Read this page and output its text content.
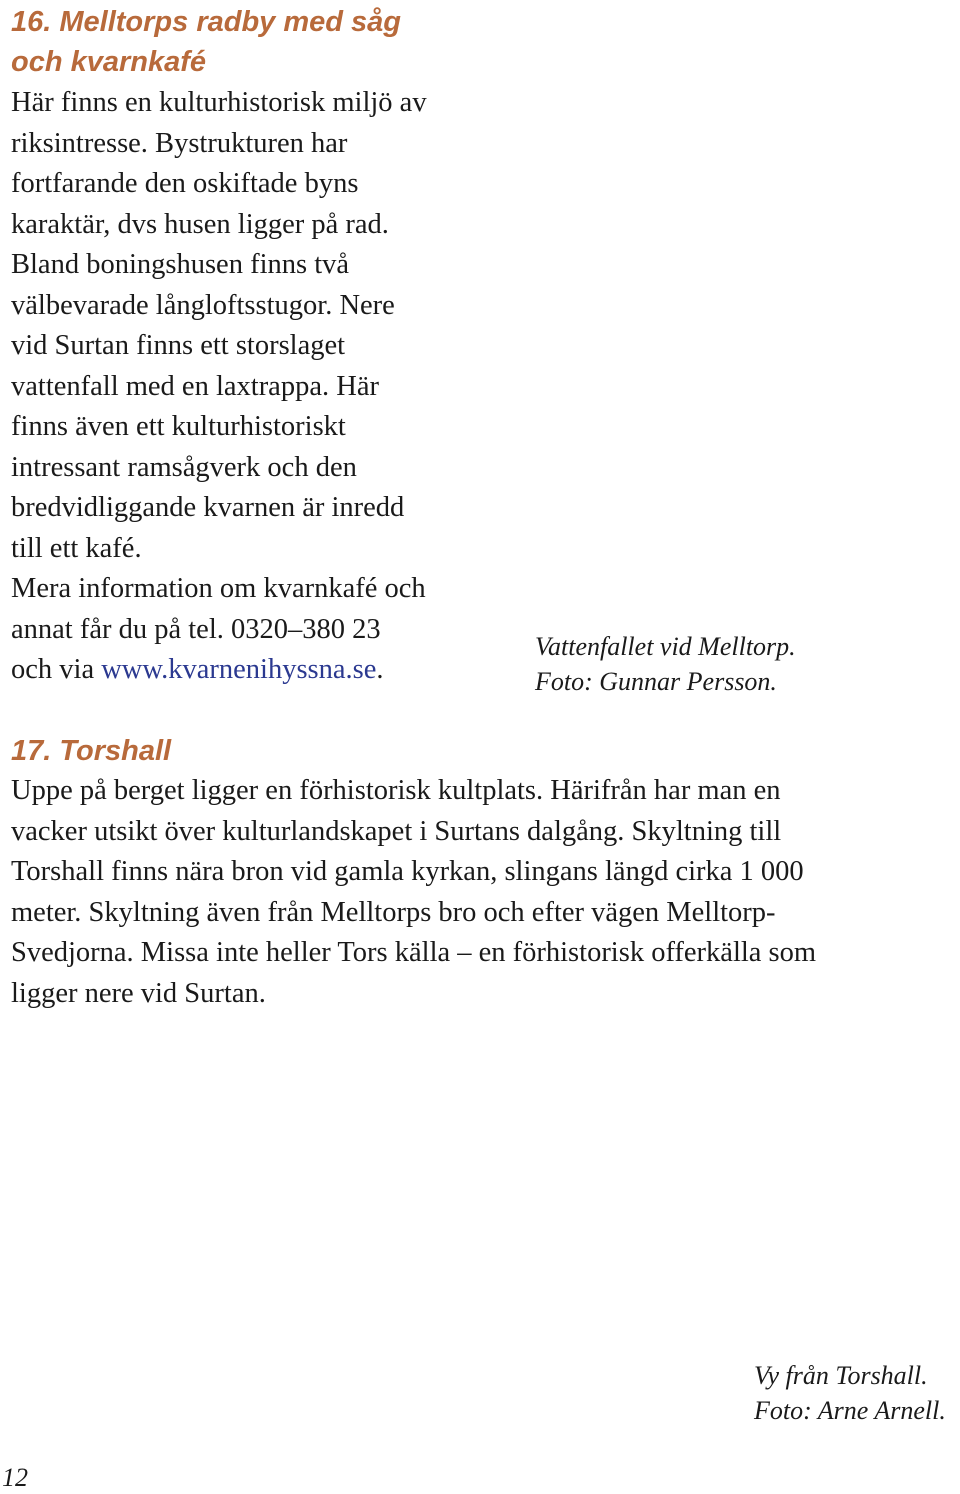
16. Melltorps radby med såg
och kvarnkafé

Här finns en kulturhistorisk miljö av
riksintresse. Bystrukturen har
fortfarande den oskiftade byns
karaktär, dvs husen ligger på rad.
Bland boningshusen finns två
välbevarade långloftsstugor. Nere
vid Surtan finns ett storslaget
vattenfall med en laxtrappa. Här
finns även ett kulturhistoriskt
intressant ramsågverk och den
bredvidliggande kvarnen är inredd
till ett kafé.
Mera information om kvarnkafé och
annat får du på tel. 0320–380 23
och via www.kvarnenihyssna.se.

Vattenfallet vid Melltorp.
Foto: Gunnar Persson.

17. Torshall

Uppe på berget ligger en förhistorisk kultplats. Härifrån har man en
vacker utsikt över kulturlandskapet i Surtans dalgång. Skyltning till
Torshall finns nära bron vid gamla kyrkan, slingans längd cirka 1 000
meter. Skyltning även från Melltorps bro och efter vägen Melltorp-
Svedjorna. Missa inte heller Tors källa – en förhistorisk offerkälla som
ligger nere vid Surtan.

Vy från Torshall.
Foto: Arne Arnell.

12
